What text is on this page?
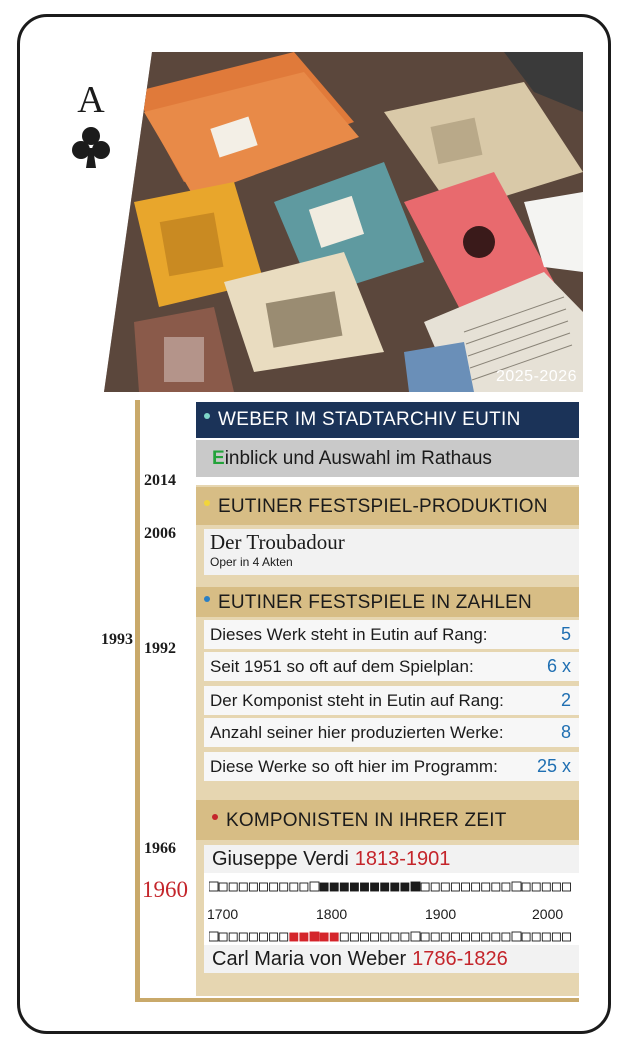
A
2025-2026
2014
2006
1993
1992
1966
1960
WEBER IM STADTARCHIV EUTIN
Einblick und Auswahl im Rathaus
EUTINER FESTSPIEL-PRODUKTION
Der Troubadour
Oper in 4 Akten
EUTINER FESTSPIELE IN ZAHLEN
Dieses Werk steht in Eutin auf Rang:	5
Seit 1951 so oft auf dem Spielplan:	6 x
Der Komponist steht in Eutin auf Rang:	2
Anzahl seiner hier produzierten Werke:	8
Diese Werke so oft hier im Programm: 25 x
KOMPONISTEN IN IHRER ZEIT
Giuseppe Verdi 1813-1901
1700	1800	1900	2000
Carl Maria von Weber 1786-1826
